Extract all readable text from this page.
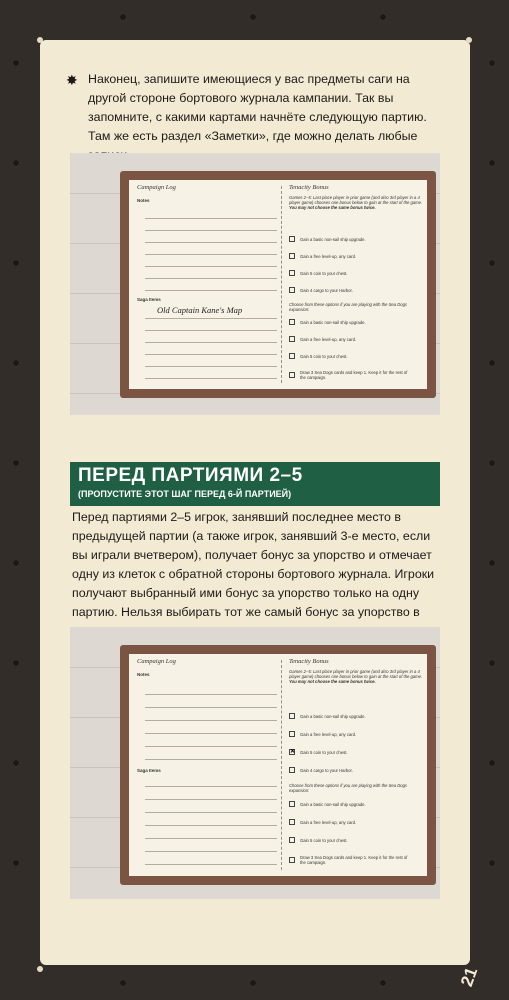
✸ Наконец, запишите имеющиеся у вас предметы саги на другой стороне бортового журнала кампании. Так вы запомните, с какими картами начнёте следующую партию. Там же есть раздел «Заметки», где можно делать любые
Campaign Log
Notes
Saga Items
Old Captain Kane's Map
Tenacity Bonus

Games 2–5: Last place player in prior game (and also 3rd player in a 4 player game) chooses one bonus below to gain at the start of the game.

You may not choose the same bonus twice.

Gain a basic non-sail ship upgrade.
Gain a free level-up, any card.
Gain 5 coin to your chest.
Gain 4 cargo to your Harbor.

Choose from these options if you are playing with the Sea Dogs expansion:

Gain a basic non-sail ship upgrade.
Gain a free level-up, any card.
Gain 5 coin to your chest.
Draw 3 Sea Dogs cards and keep 1. Keep it for the rest of the campaign.
ПЕРЕД ПАРТИЯМИ 2–5
(ПРОПУСТИТЕ ЭТОТ ШАГ ПЕРЕД 6-Й ПАРТИЕЙ)
Перед партиями 2–5 игрок, занявший последнее место в предыдущей партии (а также игрок, занявший 3-е место, если вы играли вчетвером), получает бонус за упорство и отмечает одну из клеток с обратной стороны бортового журнала. Игроки получают выбранный ими бонус за упорство только на одну партию. Нельзя выбирать тот же самый бонус за упорство в
Campaign Log
Notes
Saga Items
Tenacity Bonus

Games 2–5: Last place player in prior game (and also 3rd player in a 4 player game) chooses one bonus below to gain at the start of the game.

You may not choose the same bonus twice.

Gain a basic non-sail ship upgrade.
Gain a free level-up, any card.
✕ Gain 5 coin to your chest.
Gain 4 cargo to your Harbor.

Choose from these options if you are playing with the Sea Dogs expansion:

Gain a basic non-sail ship upgrade.
Gain a free level-up, any card.
Gain 5 coin to your chest.
Draw 3 Sea Dogs cards and keep 1. Keep it for the rest of the campaign.
21
